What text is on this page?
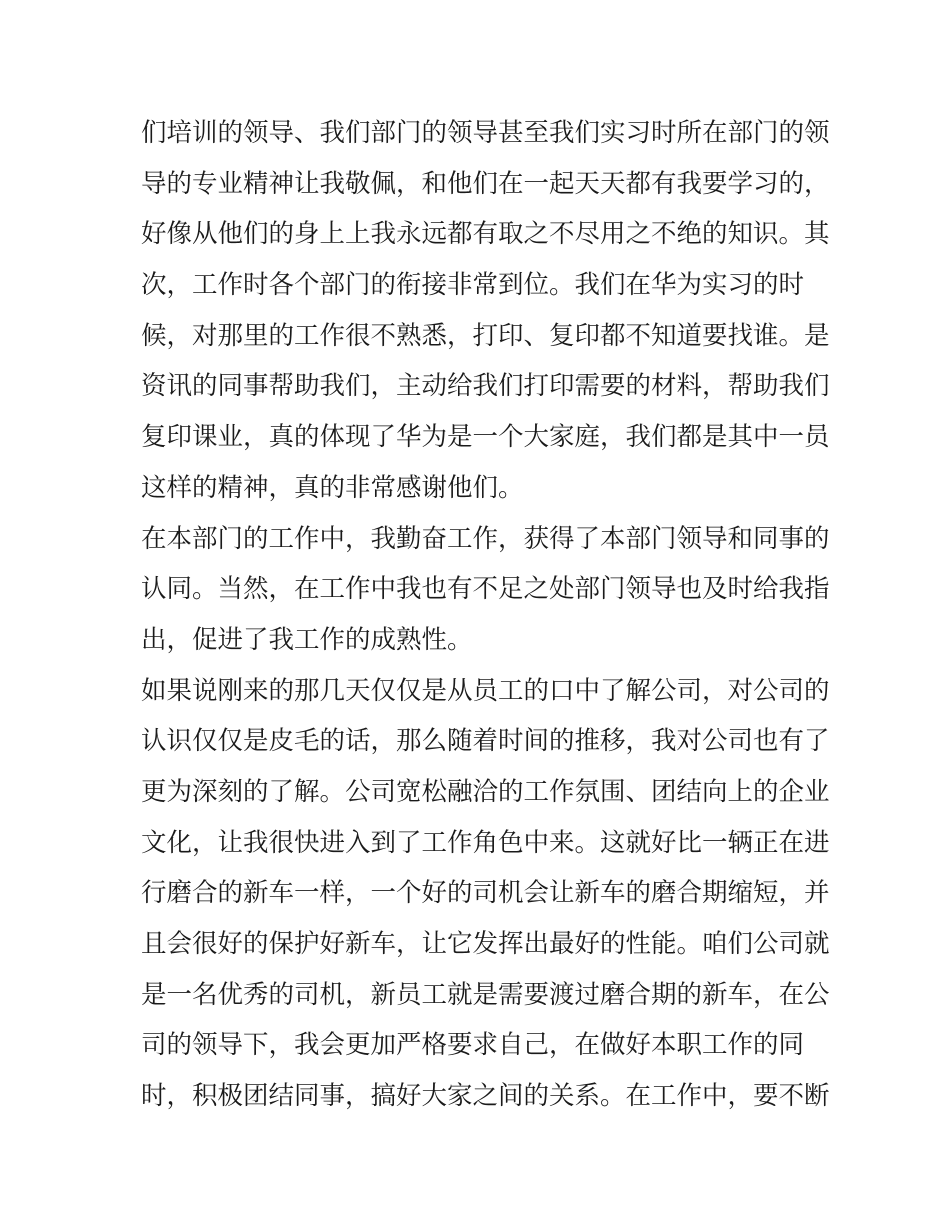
们培训的领导、我们部门的领导甚至我们实习时所在部门的领
导的专业精神让我敬佩，和他们在一起天天都有我要学习的，
好像从他们的身上上我永远都有取之不尽用之不绝的知识。其
次，工作时各个部门的衔接非常到位。我们在华为实习的时
候，对那里的工作很不熟悉，打印、复印都不知道要找谁。是
资讯的同事帮助我们，主动给我们打印需要的材料，帮助我们
复印课业，真的体现了华为是一个大家庭，我们都是其中一员
这样的精神，真的非常感谢他们。
在本部门的工作中，我勤奋工作，获得了本部门领导和同事的
认同。当然，在工作中我也有不足之处部门领导也及时给我指
出，促进了我工作的成熟性。
如果说刚来的那几天仅仅是从员工的口中了解公司，对公司的
认识仅仅是皮毛的话，那么随着时间的推移，我对公司也有了
更为深刻的了解。公司宽松融洽的工作氛围、团结向上的企业
文化，让我很快进入到了工作角色中来。这就好比一辆正在进
行磨合的新车一样，一个好的司机会让新车的磨合期缩短，并
且会很好的保护好新车，让它发挥出最好的性能。咱们公司就
是一名优秀的司机，新员工就是需要渡过磨合期的新车，在公
司的领导下，我会更加严格要求自己，在做好本职工作的同
时，积极团结同事，搞好大家之间的关系。在工作中，要不断
